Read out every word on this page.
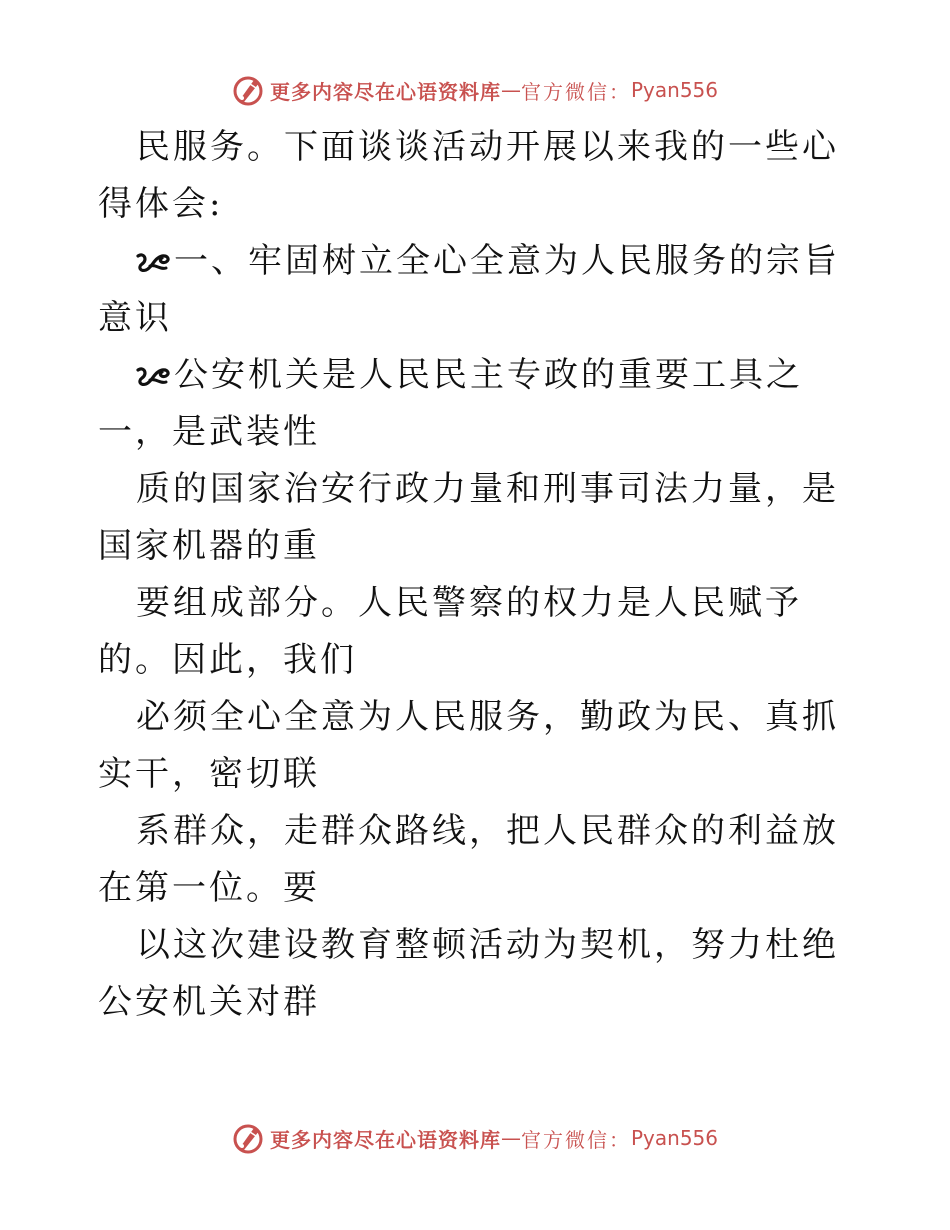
更多内容尽在心语资料库 — 官方微信： Pyan556

民服务。下面谈谈活动开展以来我的一些心得体会:

一、牢固树立全心全意为人民服务的宗旨意识

公安机关是人民民主专政的重要工具之一，是武装性

质的国家治安行政力量和刑事司法力量，是国家机器的重

要组成部分。人民警察的权力是人民赋予的。因此，我们

必须全心全意为人民服务，勤政为民、真抓实干，密切联

系群众，走群众路线，把人民群众的利益放在第一位。要

以这次建设教育整顿活动为契机，努力杜绝公安机关对群

更多内容尽在心语资料库 — 官方微信： Pyan556
